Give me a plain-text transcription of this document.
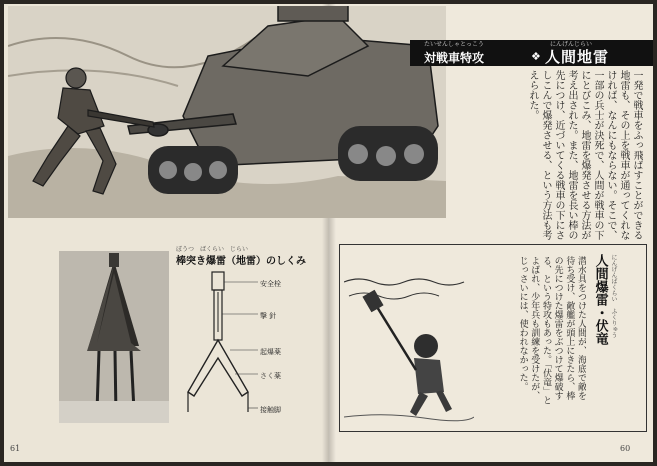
たいせんしゃとっこう
対戦車特攻	❖
にんげんじらい
人間地雷
一発で戦車をふっ飛ばすことができる地雷も、その上を戦車が通ってくれなければ、なんにもならない。そこで、一部の兵士が決死で、人間が戦車の下にとびこみ、地雷を爆発させる方法が考え出された。また、地雷を長い棒の先につけ、近づいてくる戦車の下にさしこんで爆発させる、という方法も考えられた。
ぼうつ　ばくらい　じらい
棒突き爆雷（地雷）のしくみ
安全栓
撃 針
起爆薬
さく薬
接触脚
にんげんばくらい　ふくりゅう
人間爆雷・伏竜
潜水具をつけた人間が、海底で敵を待ち受け、敵艦が頭上にきたら、棒の先につけた爆雷をぶつけて爆破する、という特攻もあった。「伏竜」とよばれ、少年兵も訓練を受けたが、じっさいには、使われなかった。
61	60
